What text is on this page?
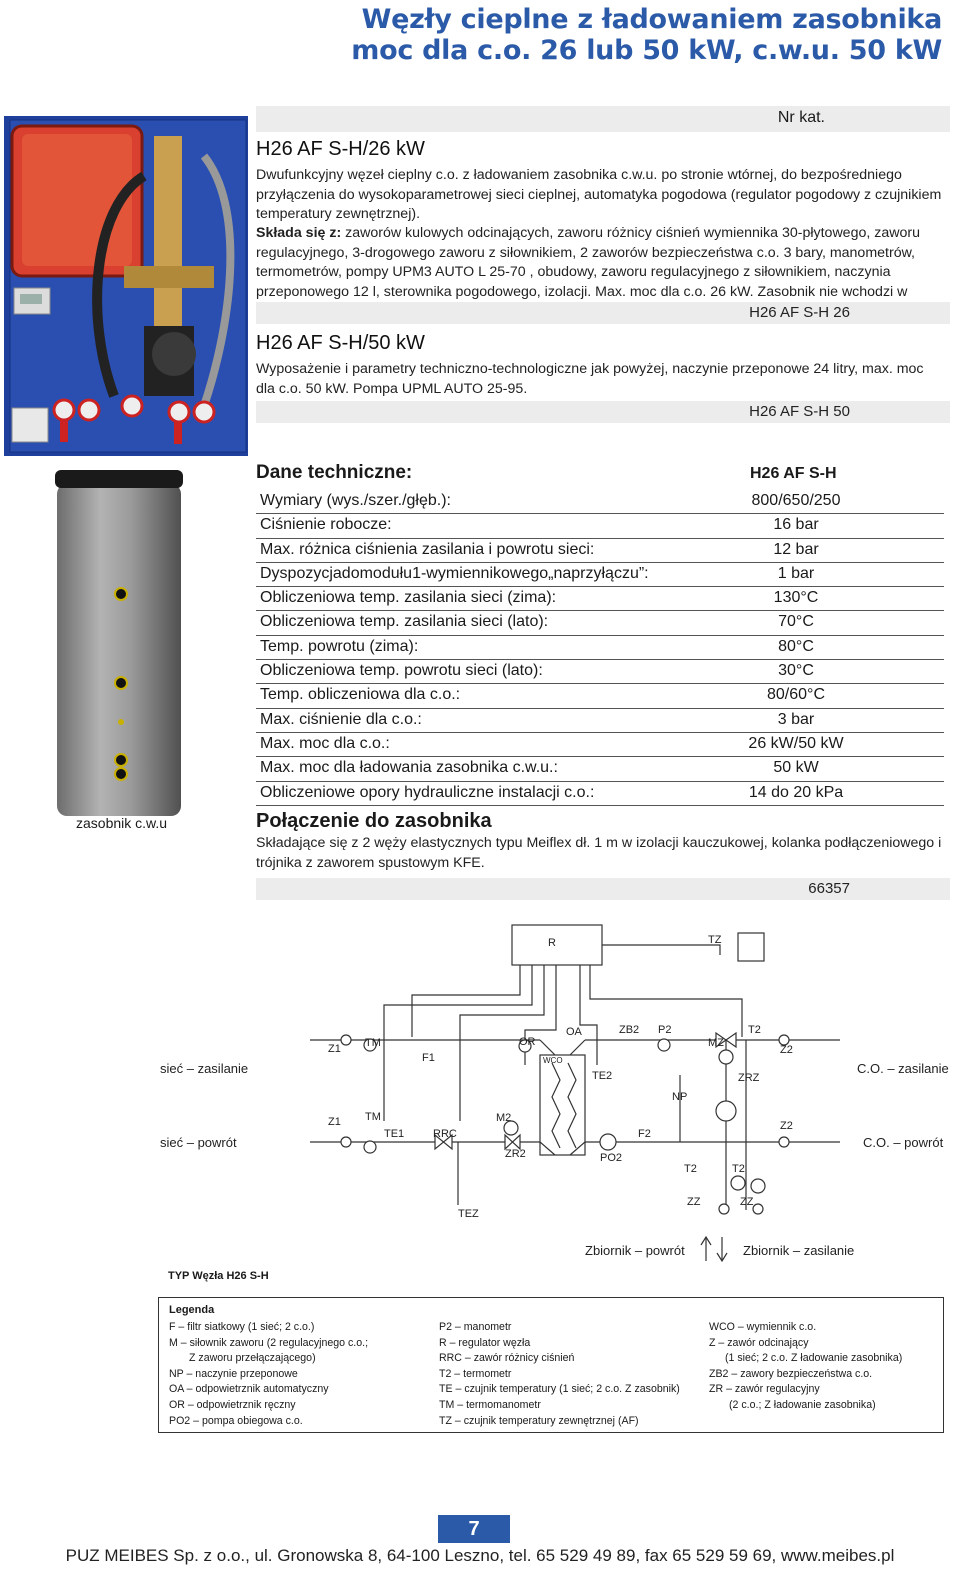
Węzły cieplne z ładowaniem zasobnika
moc dla c.o. 26 lub 50 kW, c.w.u. 50 kW
zasobnik c.w.u
Nr kat.
H26 AF S-H/26 kW
Dwufunkcyjny węzeł cieplny c.o. z ładowaniem zasobnika c.w.u. po stronie wtórnej, do bezpośredniego przyłączenia do wysokoparametrowej sieci cieplnej, automatyka pogodowa (regulator pogodowy z czujnikiem temperatury zewnętrznej).
Składa się z: zaworów kulowych odcinających, zaworu różnicy ciśnień wymiennika 30-płytowego, zaworu regulacyjnego, 3-drogowego zaworu z siłownikiem, 2 zaworów bezpieczeństwa c.o. 3 bary, manometrów, termometrów, pompy UPM3 AUTO L 25-70 , obudowy, zaworu regulacyjnego z siłownikiem, naczynia przeponowego 12 l, sterownika pogodowego, izolacji. Max. moc dla c.o. 26 kW. Zasobnik nie wchodzi w
H26 AF S-H 26
H26 AF S-H/50 kW
Wyposażenie i parametry techniczno-technologiczne jak powyżej, naczynie przeponowe 24 litry, max. moc dla c.o. 50 kW. Pompa UPML AUTO 25-95.
H26 AF S-H 50
Dane techniczne:	H26 AF S-H
Wymiary (wys./szer./głęb.):	800/650/250
Ciśnienie robocze:	16 bar
Max. różnica ciśnienia zasilania i powrotu sieci:	12 bar
Dyspozycjadomodułu1-wymiennikowego„naprzyłączu”:	1 bar
Obliczeniowa temp. zasilania sieci (zima):	130°C
Obliczeniowa temp. zasilania sieci (lato):	70°C
Temp. powrotu (zima):	80°C
Obliczeniowa temp. powrotu sieci (lato):	30°C
Temp. obliczeniowa dla c.o.:	80/60°C
Max. ciśnienie dla c.o.:	3 bar
Max. moc dla c.o.:	26 kW/50 kW
Max. moc dla ładowania zasobnika c.w.u.:	50 kW
Obliczeniowe opory hydrauliczne instalacji c.o.:	14 do 20 kPa
Połączenie do zasobnika
Składające się z 2 węży elastycznych typu Meiflex dł. 1 m w izolacji kauczukowej, kolanka podłączeniowego i trójnika z zaworem spustowym KFE.
66357
sieć – zasilanie
sieć – powrót
C.O. – zasilanie
C.O. – powrót
Zbiornik – powrót	Zbiornik – zasilanie
R	TZ
Z1
Z1
TM
TM
F1
OR
OA
WCO
ZB2 P2
MZ
T2
Z2
TE2	ZRZ
NP
TE1	RRC
M2
ZR2	PO2
F2
Z2
T2	T2
ZZ	ZZ
TEZ
TYP Węzła H26 S-H
Legenda
F – filtr siatkowy (1 sieć; 2 c.o.)
M – siłownik zaworu (2 regulacyjnego c.o.;
Z zaworu przełączającego)
NP – naczynie przeponowe
OA – odpowietrznik automatyczny
OR – odpowietrznik ręczny
PO2 – pompa obiegowa c.o.
P2 – manometr
R – regulator węzła
RRC – zawór różnicy ciśnień
T2 – termometr
TE – czujnik temperatury (1 sieć; 2 c.o. Z zasobnik)
TM – termomanometr
TZ – czujnik temperatury zewnętrznej (AF)
WCO – wymiennik c.o.
Z – zawór odcinający
(1 sieć; 2 c.o. Z ładowanie zasobnika)
ZB2 – zawory bezpieczeństwa c.o.
ZR – zawór regulacyjny
(2 c.o.; Z ładowanie zasobnika)
7
PUZ MEIBES Sp. z o.o., ul. Gronowska 8, 64-100 Leszno, tel. 65 529 49 89, fax 65 529 59 69, www.meibes.pl
